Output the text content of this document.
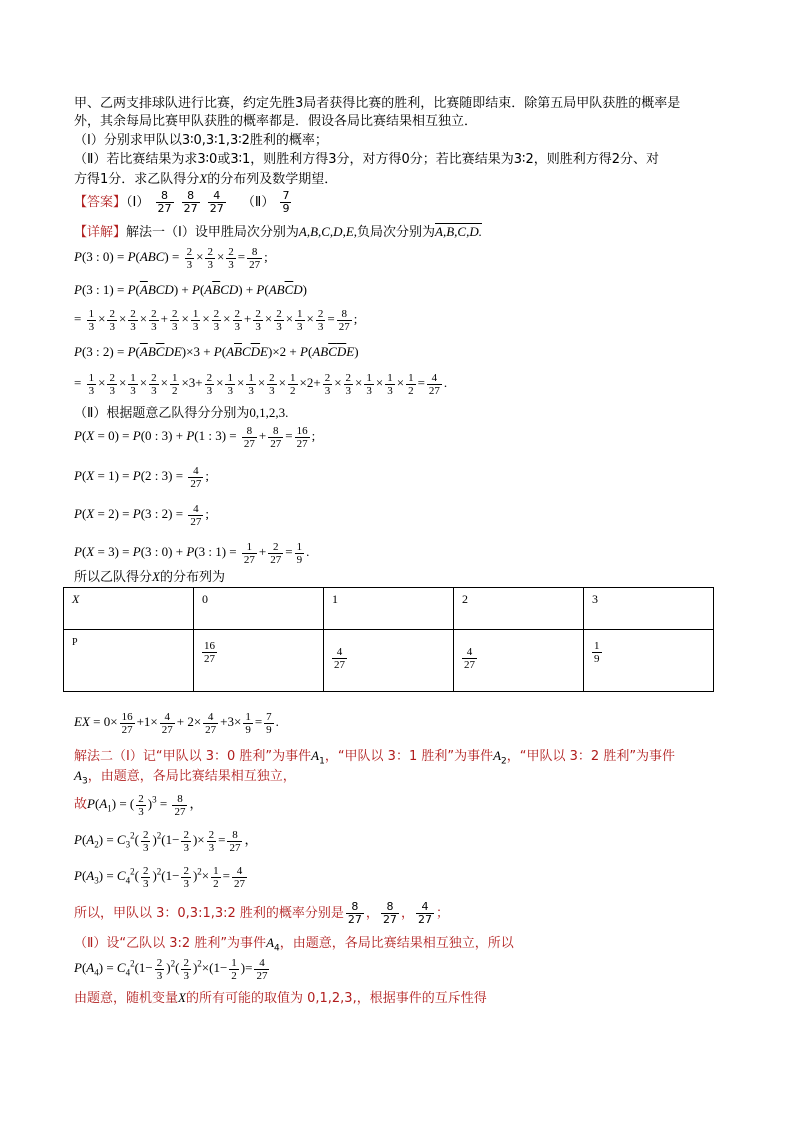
甲、乙两支排球队进行比赛，约定先胜3局者获得比赛的胜利，比赛随即结束．除第五局甲队获胜的概率是
外，其余每局比赛甲队获胜的概率都是．假设各局比赛结果相互独立．
（Ⅰ）分别求甲队以3∶0,3∶1,3∶2胜利的概率；
（Ⅱ）若比赛结果为求3∶0或3∶1，则胜利方得3分，对方得0分；若比赛结果为3∶2，则胜利方得2分、对
方得1分．求乙队得分X的分布列及数学期望．
【答案】（Ⅰ） $\frac{8}{27}$
$\frac{8}{27}$
$\frac{4}{27}$ （Ⅱ） $\frac{7}{9}$
【详解】解法一（Ⅰ）设甲胜局次分别为A,B,C,D,E,负局次分别为A,B,C,D.
P(3 : $0) = P(ABC) = \frac{2}{3} \times \frac{2}{3} \times \frac{2}{3} = \frac{8}{27}$ ;
P(3 : $1) = P(\overline{A}BCD) + P(A\overline{B}CD) + P(AB\overline{C}D)$
= $\frac{1}{3} \times \frac{2}{3} \times \frac{2}{3} \times \frac{2}{3} + \frac{2}{3} \times \frac{1}{3} \times \frac{2}{3} \times \frac{2}{3} + \frac{2}{3} \times \frac{2}{3} \times \frac{1}{3} \times \frac{2}{3} = \frac{8}{27}$ ;
P(3 : $2) = P(\overline{A}B\overline{C}DE)\times 3 + P(A\overline{B}C\overline{D}E)\times 2 + P(AB\overline{C}\overline{D}E)$
= $\frac{1}{3} \times \frac{2}{3} \times \frac{1}{3} \times \frac{2}{3} \times \frac{1}{2} \times 3+ \frac{2}{3} \times \frac{1}{3} \times \frac{1}{3} \times \frac{2}{3} \times \frac{1}{2} \times 2+ \frac{2}{3} \times \frac{2}{3} \times \frac{1}{3} \times \frac{1}{3} \times \frac{1}{2} = \frac{4}{27}$ .
（Ⅱ）根据题意乙队得分分别为0,1,2,3.
P(X = 0) = P(0 : 3) + P(1 : $3) = \frac{8}{27} + \frac{8}{27} = \frac{16}{27}$ ;
P(X = 1) = P(2 : $3) = \frac{4}{27}$ ;
P(X = 2) = P(3 : $2) = \frac{4}{27}$ ;
P(X = 3) = P(3 : 0) + P(3 : $1) = \frac{1}{27} + \frac{2}{27} = \frac{1}{9}$ .
所以乙队得分X的分布列为
X	0	1	2	3
P	$\frac{16}{27}$	$\frac{4}{27}$	$\frac{4}{27}$	$\frac{1}{9}$
EX = $0\times \frac{16}{27} +1\times \frac{4}{27} + 2\times \frac{4}{27} +3\times \frac{1}{9} = \frac{7}{9}$ .
解法二（Ⅰ）记“甲队以 3：0 胜利”为事件$A_1$，“甲队以 3：1 胜利”为事件$A_2$，“甲队以 3：2 胜利”为事件
$A_3$，由题意，各局比赛结果相互独立，
故$P(A_1)$ = ( $\frac{2}{3} )^3 = \frac{8}{27}$ ，
$P(A_2) = C_3^2( \frac{2}{3} )^2(1- \frac{2}{3}$ )× $\frac{2}{3} = \frac{8}{27}$ ，
$P(A_3) = C_4^2( \frac{2}{3} )^2(1- \frac{2}{3} )^2\times \frac{1}{2} = \frac{4}{27}$
所以，甲队以 3：0,3:1,3:2 胜利的概率分别是 $\frac{8}{27}$ ， $\frac{8}{27}$ ， $\frac{4}{27}$ ；
（Ⅱ）设“乙队以 3:2 胜利”为事件$A_4$，由题意，各局比赛结果相互独立，所以
$P(A_4) = C_4^2(1- \frac{2}{3} )^2( \frac{2}{3} )^2\times(1- \frac{1}{2}$ )= $\frac{4}{27}$
由题意，随机变量X的所有可能的取值为 0,1,2,3,，根据事件的互斥性得
